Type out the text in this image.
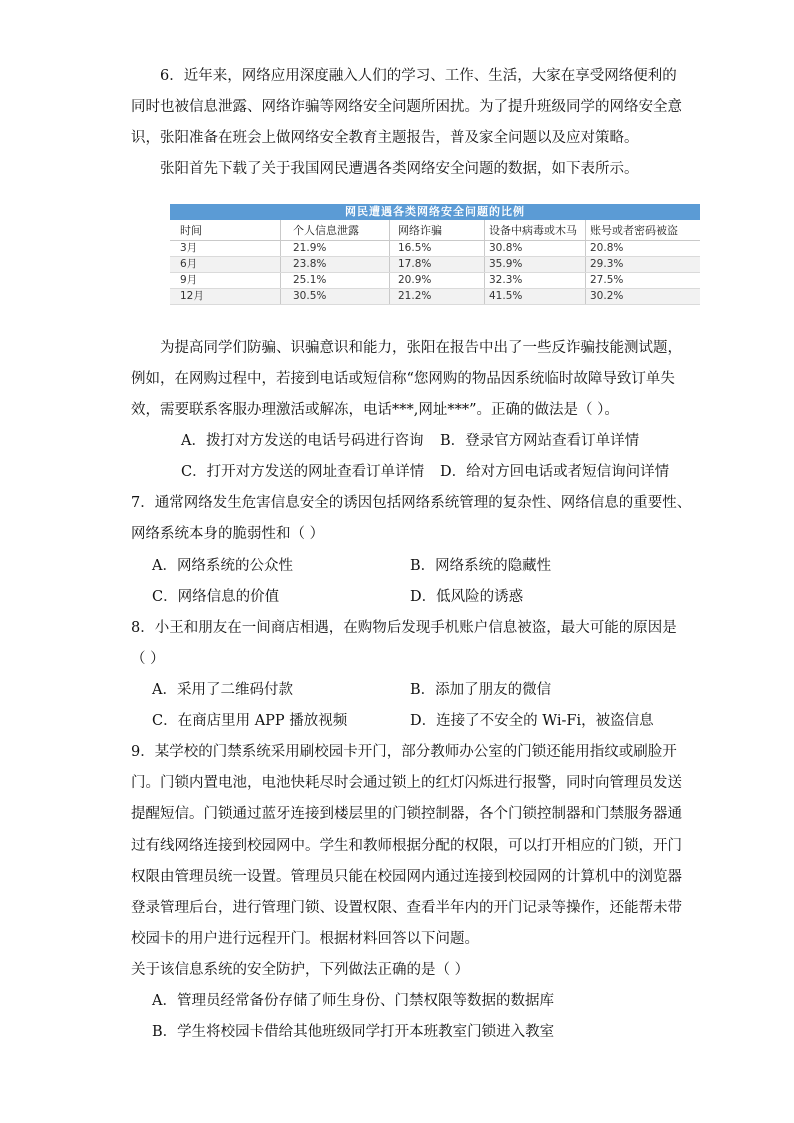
6．近年来，网络应用深度融入人们的学习、工作、生活，大家在享受网络便利的
同时也被信息泄露、网络诈骗等网络安全问题所困扰。为了提升班级同学的网络安全意
识，张阳准备在班会上做网络安全教育主题报告，普及家全问题以及应对策略。
张阳首先下载了关于我国网民遭遇各类网络安全问题的数据，如下表所示。
网民遭遇各类网络安全问题的比例				
时间	个人信息泄露	网络诈骗	设备中病毒或木马	账号或者密码被盗
3月	21.9%	16.5%	30.8%	20.8%
6月	23.8%	17.8%	35.9%	29.3%
9月	25.1%	20.9%	32.3%	27.5%
12月	30.5%	21.2%	41.5%	30.2%
为提高同学们防骗、识骗意识和能力，张阳在报告中出了一些反诈骗技能测试题，
例如，在网购过程中，若接到电话或短信称“您网购的物品因系统临时故障导致订单失
效，需要联系客服办理激活或解冻，电话***,网址***”。正确的做法是（ ）。
A．拨打对方发送的电话号码进行咨询 B．登录官方网站查看订单详情
C．打开对方发送的网址查看订单详情 D．给对方回电话或者短信询问详情
7．通常网络发生危害信息安全的诱因包括网络系统管理的复杂性、网络信息的重要性、
网络系统本身的脆弱性和（ ）
A．网络系统的公众性	B．网络系统的隐藏性
C．网络信息的价值	D．低风险的诱惑
8．小王和朋友在一间商店相遇，在购物后发现手机账户信息被盗，最大可能的原因是
（ ）
A．采用了二维码付款	B．添加了朋友的微信
C．在商店里用 APP 播放视频	D．连接了不安全的 Wi-Fi，被盗信息
9．某学校的门禁系统采用刷校园卡开门，部分教师办公室的门锁还能用指纹或刷脸开
门。门锁内置电池，电池快耗尽时会通过锁上的红灯闪烁进行报警，同时向管理员发送
提醒短信。门锁通过蓝牙连接到楼层里的门锁控制器，各个门锁控制器和门禁服务器通
过有线网络连接到校园网中。学生和教师根据分配的权限，可以打开相应的门锁，开门
权限由管理员统一设置。管理员只能在校园网内通过连接到校园网的计算机中的浏览器
登录管理后台，进行管理门锁、设置权限、查看半年内的开门记录等操作，还能帮未带
校园卡的用户进行远程开门。根据材料回答以下问题。
关于该信息系统的安全防护，下列做法正确的是（ ）
A．管理员经常备份存储了师生身份、门禁权限等数据的数据库
B．学生将校园卡借给其他班级同学打开本班教室门锁进入教室
